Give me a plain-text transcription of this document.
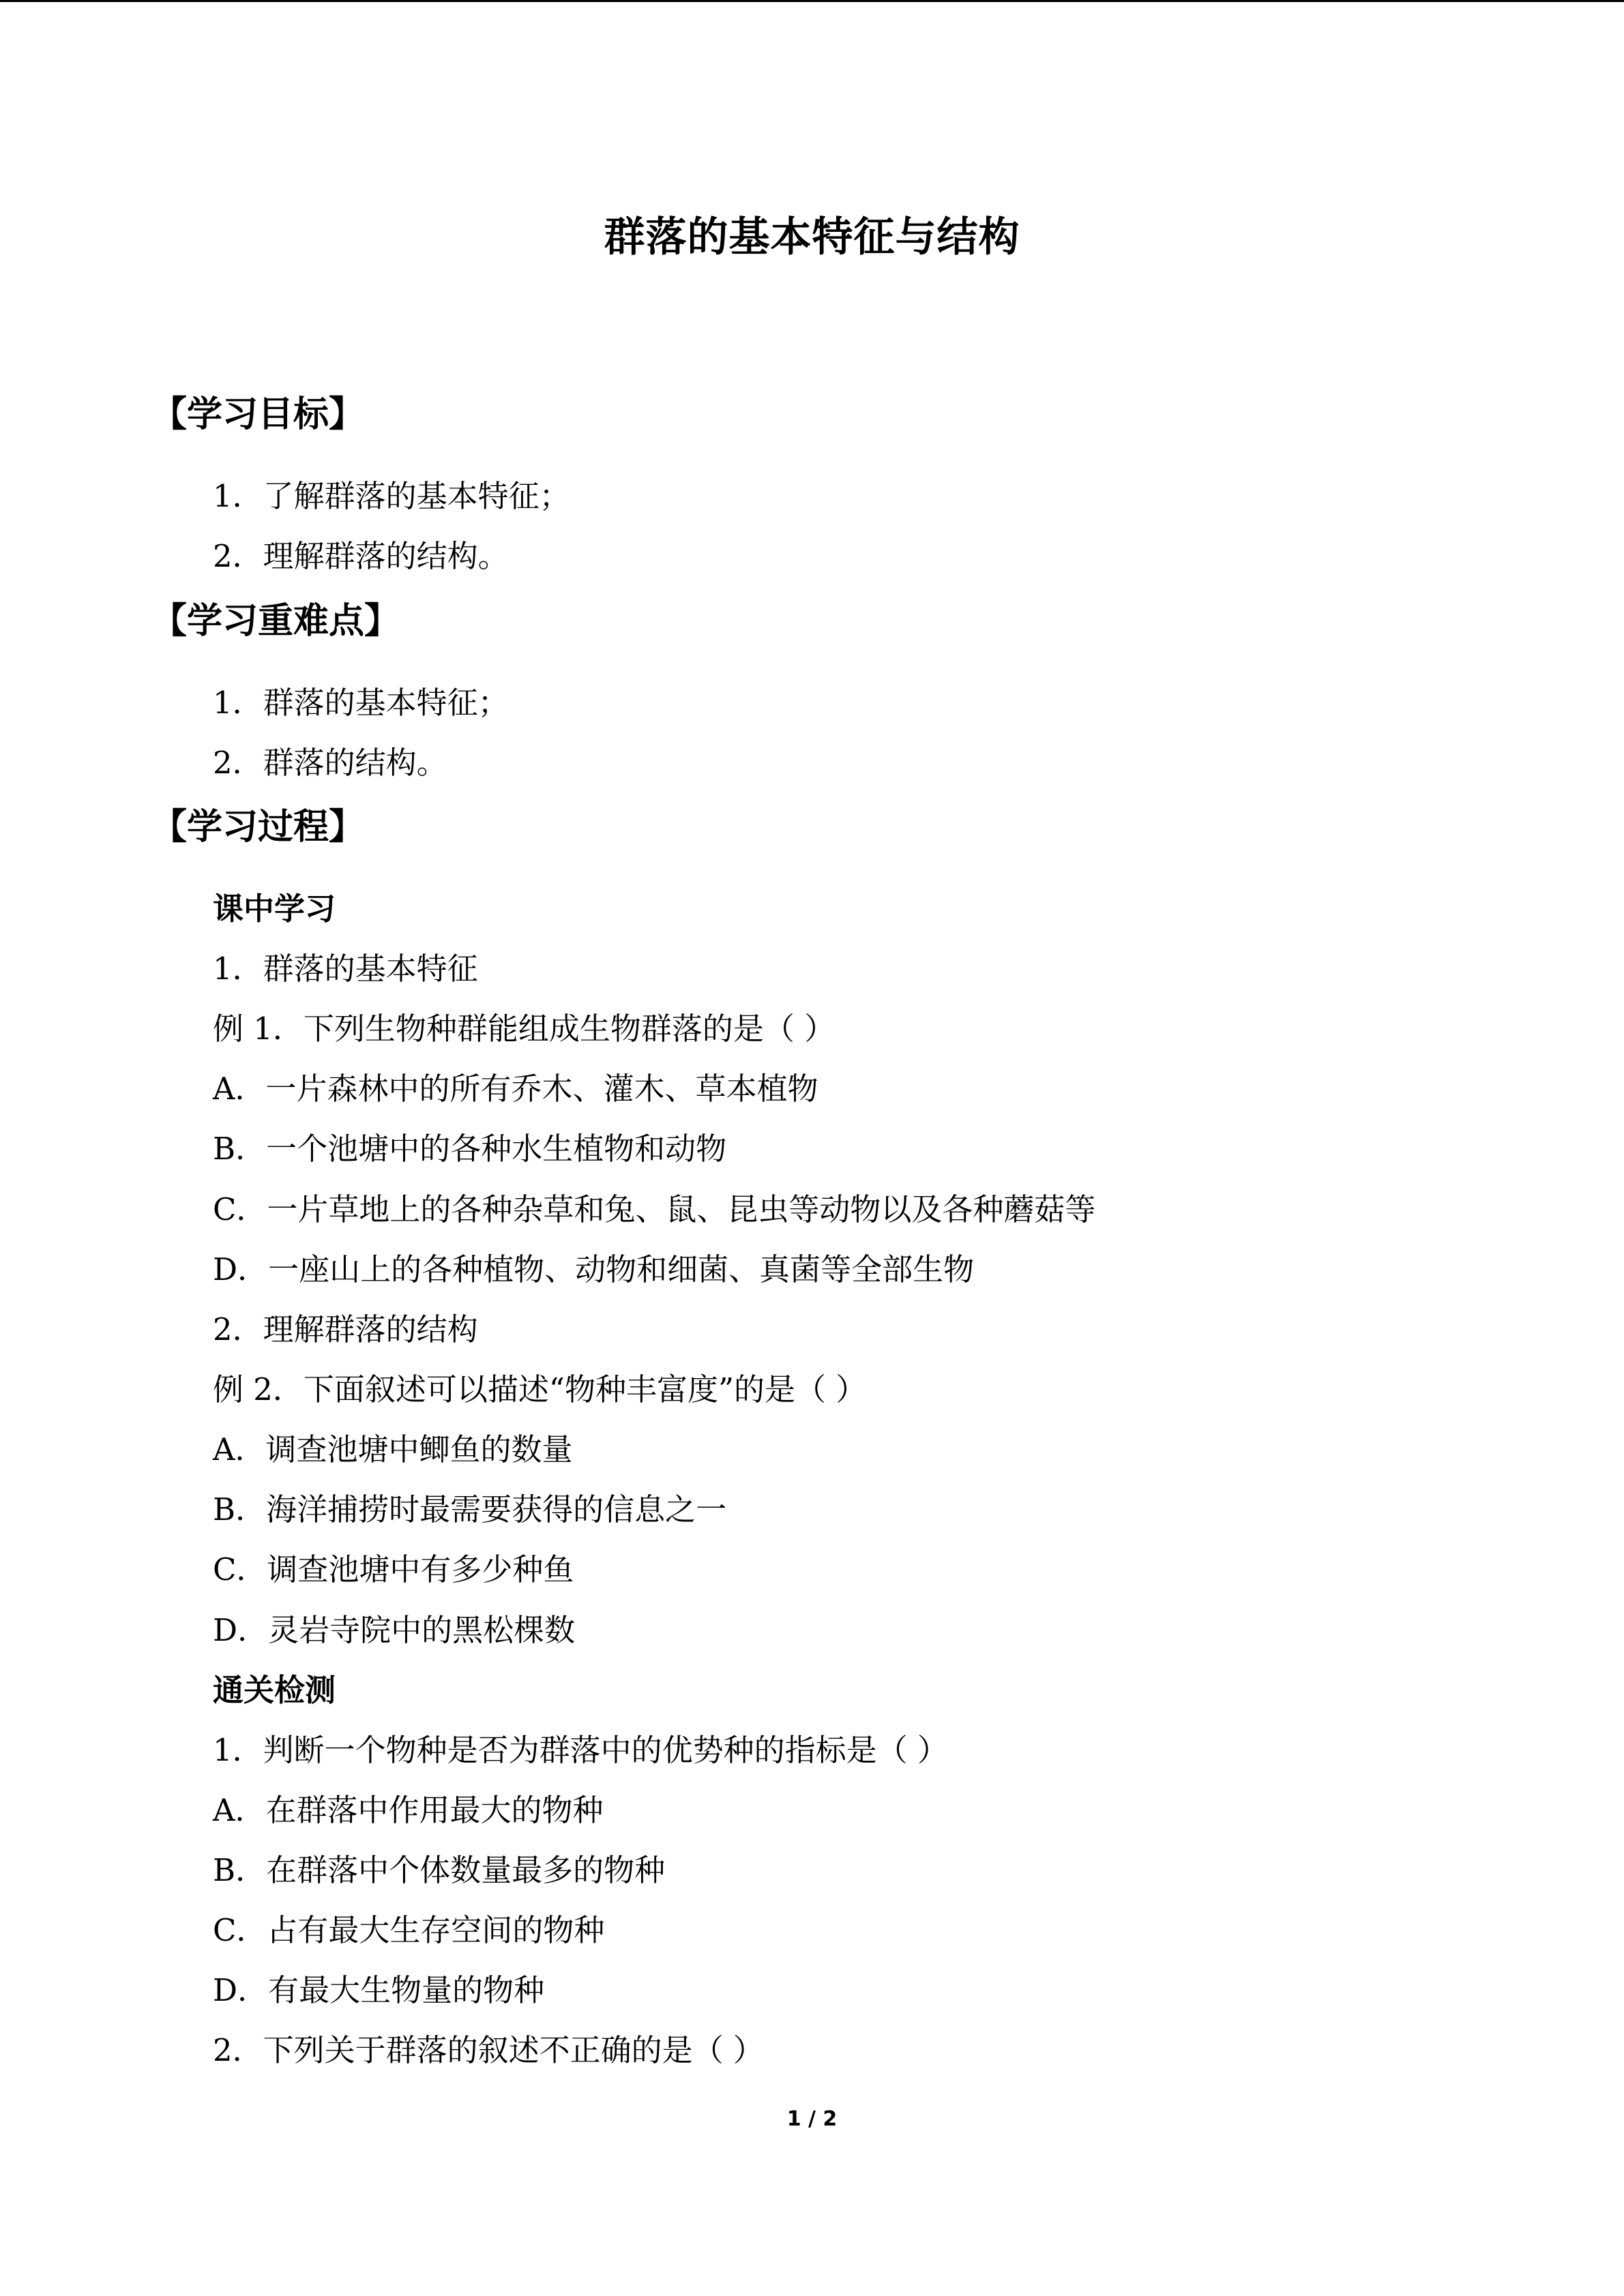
群落的基本特征与结构
【学习目标】
1．了解群落的基本特征；
2．理解群落的结构。
【学习重难点】
1．群落的基本特征；
2．群落的结构。
【学习过程】
课中学习
1．群落的基本特征
例 1．下列生物种群能组成生物群落的是（ ）
A．一片森林中的所有乔木、灌木、草本植物
B．一个池塘中的各种水生植物和动物
C．一片草地上的各种杂草和兔、鼠、昆虫等动物以及各种蘑菇等
D．一座山上的各种植物、动物和细菌、真菌等全部生物
2．理解群落的结构
例 2．下面叙述可以描述“物种丰富度”的是（ ）
A．调查池塘中鲫鱼的数量
B．海洋捕捞时最需要获得的信息之一
C．调查池塘中有多少种鱼
D．灵岩寺院中的黑松棵数
通关检测
1．判断一个物种是否为群落中的优势种的指标是（ ）
A．在群落中作用最大的物种
B．在群落中个体数量最多的物种
C．占有最大生存空间的物种
D．有最大生物量的物种
2．下列关于群落的叙述不正确的是（ ）
1 / 2
